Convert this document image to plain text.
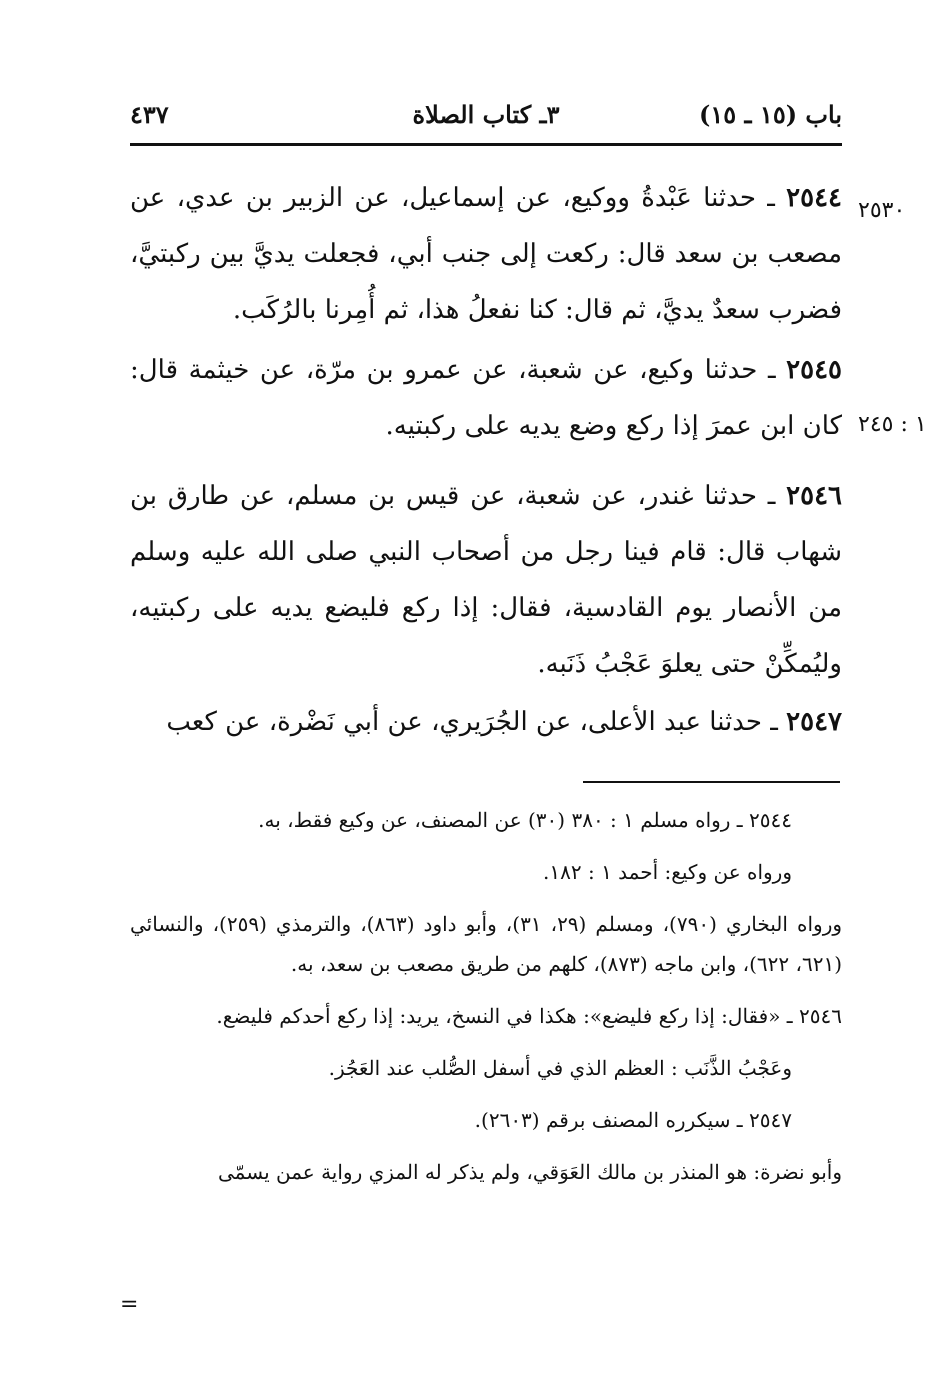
باب (١٥ ـ ١٥)
٣ـ كتاب الصلاة
٤٣٧
٢٥٣٠
١ : ٢٤٥
٢٥٤٤ ـ حدثنا عَبْدةُ ووكيع، عن إسماعيل، عن الزبير بن عدي، عن مصعب بن سعد قال: ركعت إلى جنب أبي، فجعلت يديَّ بين ركبتيَّ، فضرب سعدٌ يديَّ، ثم قال: كنا نفعلُ هذا، ثم أُمِرنا بالرُكَب.
٢٥٤٥ ـ حدثنا وكيع، عن شعبة، عن عمرو بن مرّة، عن خيثمة قال: كان ابن عمرَ إذا ركع وضع يديه على ركبتيه.
٢٥٤٦ ـ حدثنا غندر، عن شعبة، عن قيس بن مسلم، عن طارق بن شهاب قال: قام فينا رجل من أصحاب النبي صلى الله عليه وسلم من الأنصار يوم القادسية، فقال: إذا ركع فليضع يديه على ركبتيه، وليُمكِّنْ حتى يعلوَ عَجْبُ ذَنَبه.
٢٥٤٧ ـ حدثنا عبد الأعلى، عن الجُرَيري، عن أبي نَضْرة، عن كعب

٢٥٤٤ ـ رواه مسلم ١ : ٣٨٠ (٣٠) عن المصنف، عن وكيع فقط، به.

ورواه عن وكيع: أحمد ١ : ١٨٢.

ورواه البخاري (٧٩٠)، ومسلم (٢٩، ٣١)، وأبو داود (٨٦٣)، والترمذي (٢٥٩)، والنسائي (٦٢١، ٦٢٢)، وابن ماجه (٨٧٣)، كلهم من طريق مصعب بن سعد، به.

٢٥٤٦ ـ «فقال: إذا ركع فليضع»: هكذا في النسخ، يريد: إذا ركع أحدكم فليضع.

وعَجْبُ الذَّنَب : العظم الذي في أسفل الصُّلب عند العَجُز.

٢٥٤٧ ـ سيكرره المصنف برقم (٢٦٠٣).

وأبو نضرة: هو المنذر بن مالك العَوَقي، ولم يذكر له المزي رواية عمن يسمّى

=
